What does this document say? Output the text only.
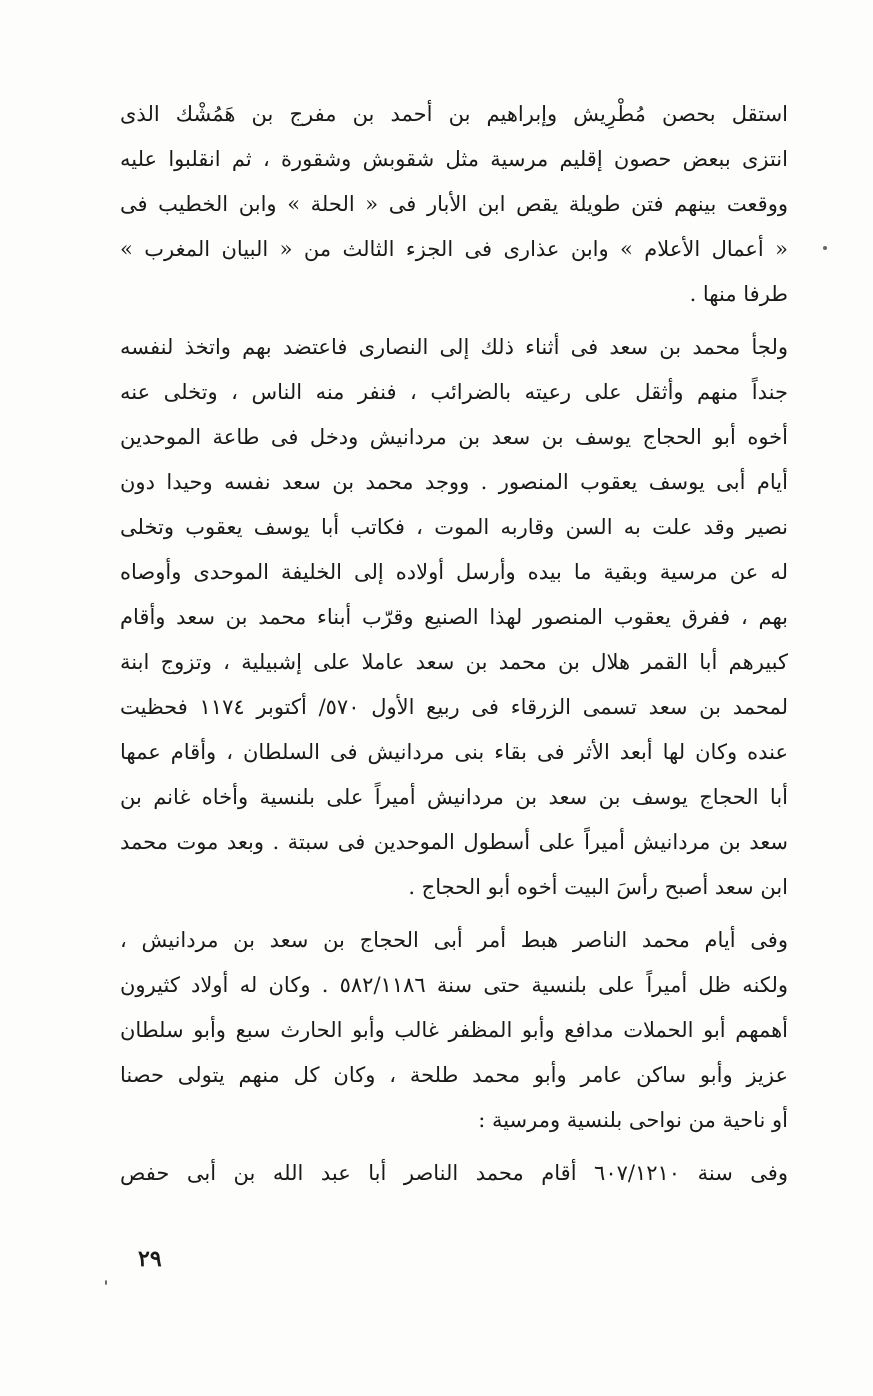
استقل بحصن مُطْرِيش وإبراهيم بن أحمد بن مفرج بن هَمُشْك الذى
انتزى ببعض حصون إقليم مرسية مثل شقوبش وشقورة ، ثم انقلبوا عليه
ووقعت بينهم فتن طويلة يقص ابن الأبار فى « الحلة » وابن الخطيب فى
« أعمال الأعلام » وابن عذارى فى الجزء الثالث من « البيان المغرب »
طرفا منها .
ولجأ محمد بن سعد فى أثناء ذلك إلى النصارى فاعتضد بهم واتخذ لنفسه
جنداً منهم وأثقل على رعيته بالضرائب ، فنفر منه الناس ، وتخلى عنه
أخوه أبو الحجاج يوسف بن سعد بن مردانيش ودخل فى طاعة الموحدين
أيام أبى يوسف يعقوب المنصور . ووجد محمد بن سعد نفسه وحيدا دون
نصير وقد علت به السن وقاربه الموت ، فكاتب أبا يوسف يعقوب وتخلى
له عن مرسية وبقية ما بيده وأرسل أولاده إلى الخليفة الموحدى وأوصاه
بهم ، ففرق يعقوب المنصور لهذا الصنيع وقرّب أبناء محمد بن سعد وأقام
كبيرهم أبا القمر هلال بن محمد بن سعد عاملا على إشبيلية ، وتزوج ابنة
لمحمد بن سعد تسمى الزرقاء فى ربيع الأول ٥٧٠/ أكتوبر ١١٧٤ فحظيت
عنده وكان لها أبعد الأثر فى بقاء بنى مردانيش فى السلطان ، وأقام عمها
أبا الحجاج يوسف بن سعد بن مردانيش أميراً على بلنسية وأخاه غانم بن
سعد بن مردانيش أميراً على أسطول الموحدين فى سبتة . وبعد موت محمد
ابن سعد أصبح رأسَ البيت أخوه أبو الحجاج .
وفى أيام محمد الناصر هبط أمر أبى الحجاج بن سعد بن مردانيش ،
ولكنه ظل أميراً على بلنسية حتى سنة ٥٨٢/١١٨٦ . وكان له أولاد كثيرون
أهمهم أبو الحملات مدافع وأبو المظفر غالب وأبو الحارث سبع وأبو سلطان
عزيز وأبو ساكن عامر وأبو محمد طلحة ، وكان كل منهم يتولى حصنا
أو ناحية من نواحى بلنسية ومرسية :
وفى سنة ٦٠٧/١٢١٠ أقام محمد الناصر أبا عبد الله بن أبى حفص
٢٩
